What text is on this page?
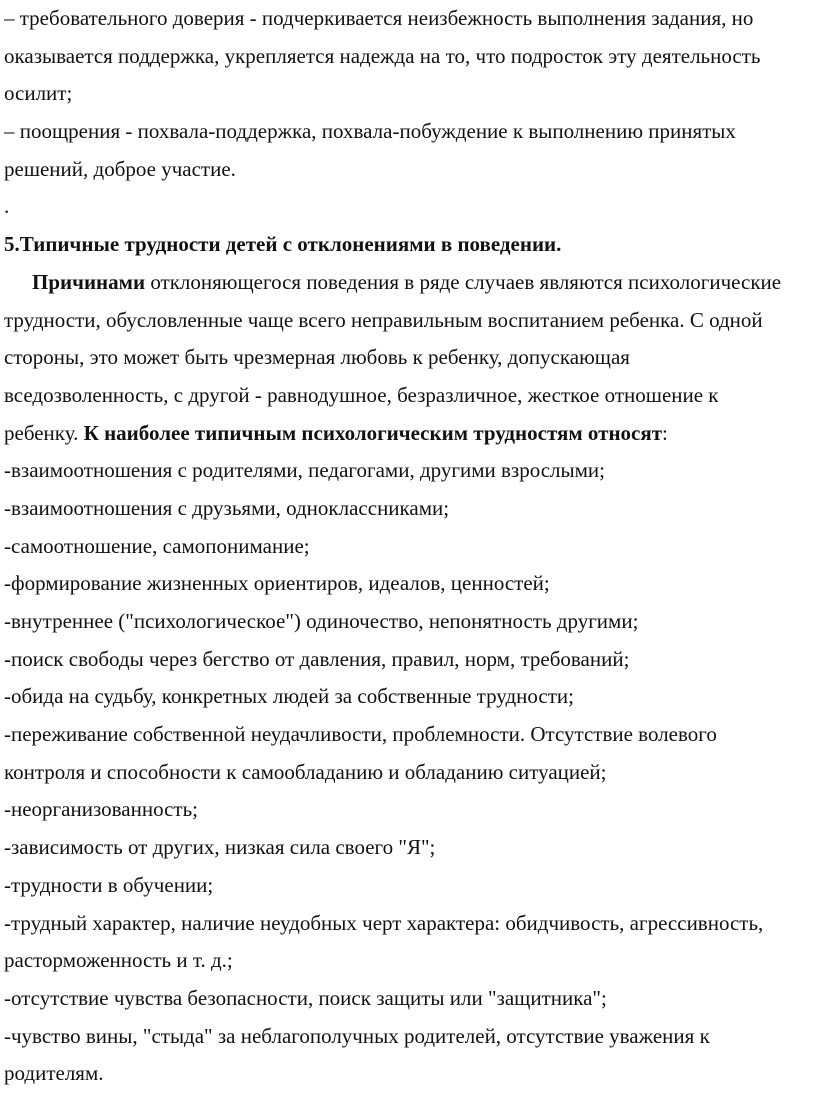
– требовательного доверия - подчеркивается неизбежность выполнения задания, но
оказывается поддержка, укрепляется надежда на то, что подросток эту деятельность
осилит;
– поощрения - похвала-поддержка, похвала-побуждение к выполнению принятых
решений, доброе участие.
.
5.Типичные трудности детей с отклонениями в поведении.
Причинами отклоняющегося поведения в ряде случаев являются психологические
трудности, обусловленные чаще всего неправильным воспитанием ребенка. С одной
стороны, это может быть чрезмерная любовь к ребенку, допускающая
вседозволенность, с другой - равнодушное, безразличное, жесткое отношение к
ребенку. К наиболее типичным психологическим трудностям относят:
-взаимоотношения с родителями, педагогами, другими взрослыми;
-взаимоотношения с друзьями, одноклассниками;
-самоотношение, самопонимание;
-формирование жизненных ориентиров, идеалов, ценностей;
-внутреннее ("психологическое") одиночество, непонятность другими;
-поиск свободы через бегство от давления, правил, норм, требований;
-обида на судьбу, конкретных людей за собственные трудности;
-переживание собственной неудачливости, проблемности. Отсутствие волевого
контроля и способности к самообладанию и обладанию ситуацией;
-неорганизованность;
-зависимость от других, низкая сила своего "Я";
-трудности в обучении;
-трудный характер, наличие неудобных черт характера: обидчивость, агрессивность,
расторможенность и т. д.;
-отсутствие чувства безопасности, поиск защиты или "защитника";
-чувство вины, "стыда" за неблагополучных родителей, отсутствие уважения к
родителям.
